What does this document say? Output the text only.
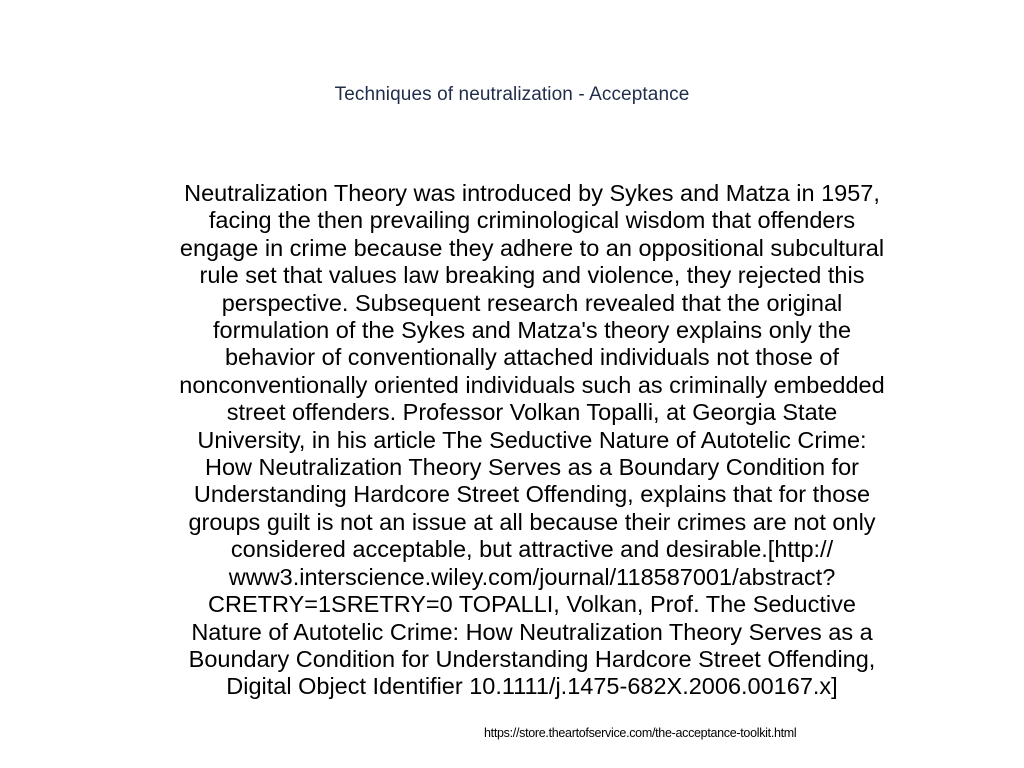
Techniques of neutralization - Acceptance
Neutralization Theory was introduced by Sykes and Matza in 1957,
facing the then prevailing criminological wisdom that offenders
engage in crime because they adhere to an oppositional subcultural
rule set that values law breaking and violence, they rejected this
perspective. Subsequent research revealed that the original
formulation of the Sykes and Matza's theory explains only the
behavior of conventionally attached individuals not those of
nonconventionally oriented individuals such as criminally embedded
street offenders. Professor Volkan Topalli, at Georgia State
University, in his article The Seductive Nature of Autotelic Crime:
How Neutralization Theory Serves as a Boundary Condition for
Understanding Hardcore Street Offending, explains that for those
groups guilt is not an issue at all because their crimes are not only
considered acceptable, but attractive and desirable.[http://
www3.interscience.wiley.com/journal/118587001/abstract?
CRETRY=1SRETRY=0 TOPALLI, Volkan, Prof. The Seductive
Nature of Autotelic Crime: How Neutralization Theory Serves as a
Boundary Condition for Understanding Hardcore Street Offending,
Digital Object Identifier 10.1111/j.1475-682X.2006.00167.x]
https://store.theartofservice.com/the-acceptance-toolkit.html
